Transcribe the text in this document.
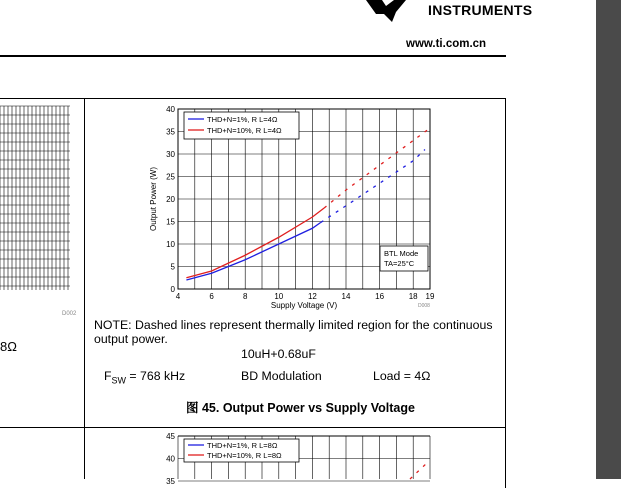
INSTRUMENTS
www.ti.com.cn
D002
8Ω
4	6	8	10	12	14	16	18 19
0
5
10
15
20
25
30
35
40
Supply Voltage (V)
Output Power (W)
D008
THD+N=1%, R L=4Ω
THD+N=10%, R L=4Ω
BTL Mode
TA=25°C
NOTE: Dashed lines represent thermally limited region for the continuous output power.
10uH+0.68uF
$F_{SW} = 768$ kHz	BD Modulation	Load = 4Ω
图 45. Output Power vs Supply Voltage
35
40
45
THD+N=1%, R L=8Ω
THD+N=10%, R L=8Ω
